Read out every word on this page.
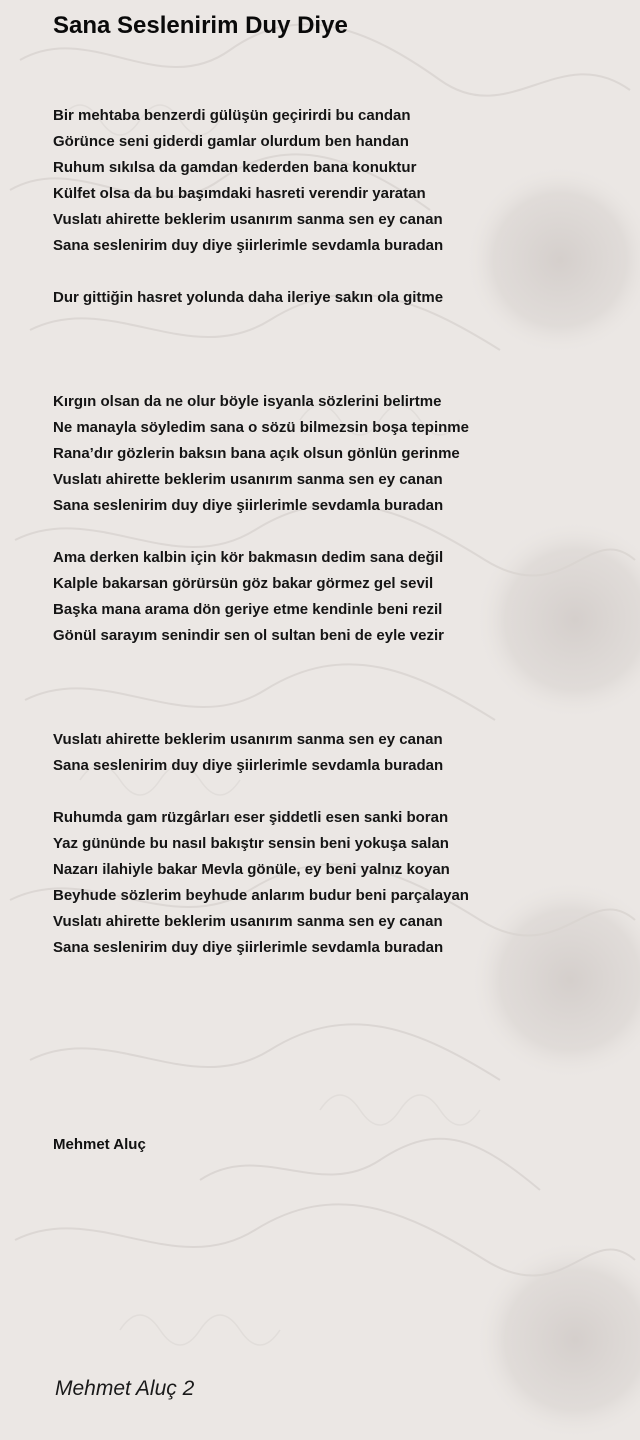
Sana Seslenirim Duy Diye
Bir mehtaba benzerdi gülüşün geçirirdi bu candan
Görünce seni giderdi gamlar olurdum ben handan
Ruhum sıkılsa da gamdan kederden bana konuktur
Külfet olsa da bu başımdaki hasreti verendir yaratan
Vuslatı ahirette beklerim usanırım sanma sen ey canan
Sana seslenirim duy diye şiirlerimle sevdamla buradan
Dur gittiğin hasret yolunda daha ileriye sakın ola gitme
Kırgın olsan da ne olur böyle isyanla sözlerini belirtme
Ne manayla söyledim sana o sözü bilmezsin boşa tepinme
Rana’dır gözlerin baksın bana açık olsun gönlün gerinme
Vuslatı ahirette beklerim usanırım sanma sen ey canan
Sana seslenirim duy diye şiirlerimle sevdamla buradan
Ama derken kalbin için kör bakmasın dedim sana değil
Kalple bakarsan görürsün göz bakar görmez gel sevil
Başka mana arama dön geriye etme kendinle beni rezil
Gönül sarayım senindir sen ol sultan beni de eyle vezir
Vuslatı ahirette beklerim usanırım sanma sen ey canan
Sana seslenirim duy diye şiirlerimle sevdamla buradan
Ruhumda gam rüzgârları eser şiddetli esen sanki boran
Yaz gününde bu nasıl bakıştır sensin beni yokuşa salan
Nazarı ilahiyle bakar Mevla gönüle, ey beni yalnız koyan
Beyhude sözlerim beyhude anlarım budur beni parçalayan
Vuslatı ahirette beklerim usanırım sanma sen ey canan
Sana seslenirim duy diye şiirlerimle sevdamla buradan
Mehmet Aluç
Mehmet Aluç 2
